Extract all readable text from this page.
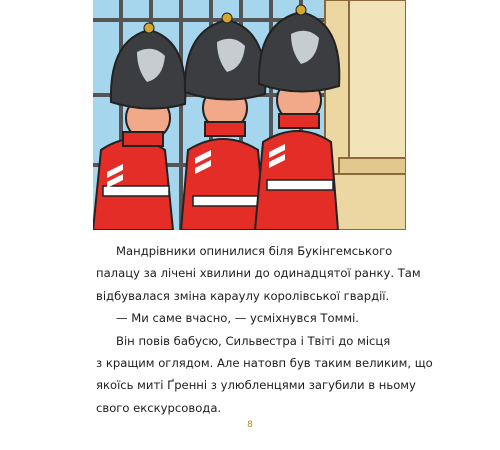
Мандрівники опинилися біля Букінгемського

палацу за лічені хвилини до одинадцятої ранку. Там

відбувалася зміна караулу королівської гвардії.

— Ми саме вчасно, — усміхнувся Томмі.

Він повів бабусю, Сильвестра і Твіті до місця

з кращим оглядом. Але натовп був таким великим, що

якоїсь миті Ґренні з улюбленцями загубили в ньому

свого екскурсовода.

8
